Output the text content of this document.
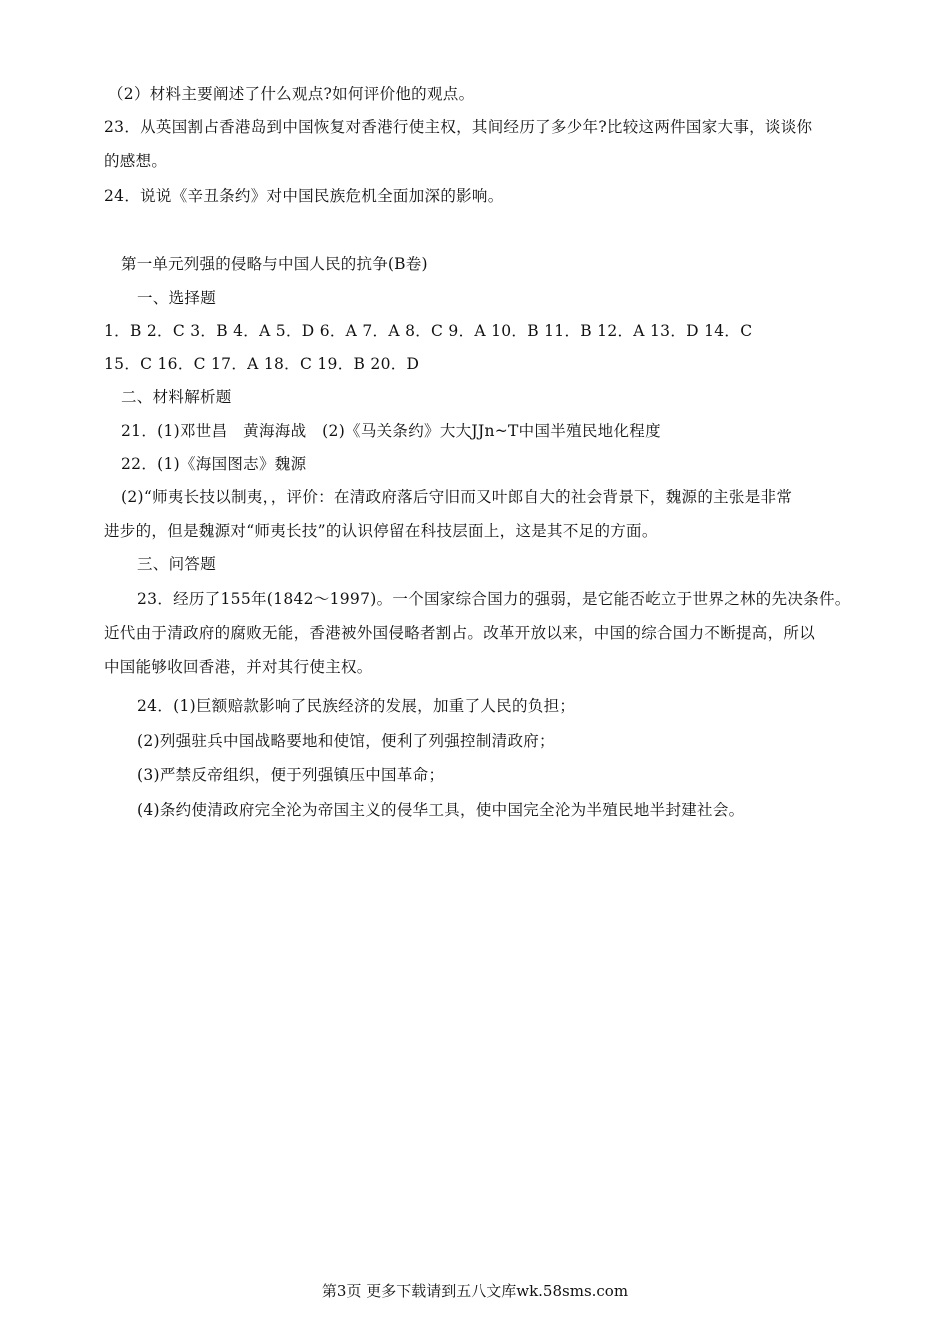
（2）材料主要阐述了什么观点?如何评价他的观点。
23．从英国割占香港岛到中国恢复对香港行使主权，其间经历了多少年?比较这两件国家大事，谈谈你
的感想。
24．说说《辛丑条约》对中国民族危机全面加深的影响。
第一单元列强的侵略与中国人民的抗争(B卷)
一、选择题
1．B 2．C 3．B 4．A 5．D 6．A 7．A 8．C 9．A 10．B 11．B 12．A 13．D 14．C
15．C 16．C 17．A 18．C 19．B 20．D
二、材料解析题
21．(1)邓世昌　黄海海战　(2)《马关条约》大大JJn~T中国半殖民地化程度
22．(1)《海国图志》魏源
(2)“师夷长技以制夷，，评价：在清政府落后守旧而又叶郎自大的社会背景下，魏源的主张是非常
进步的，但是魏源对“师夷长技”的认识停留在科技层面上，这是其不足的方面。
三、问答题
23．经历了155年(1842～1997)。一个国家综合国力的强弱，是它能否屹立于世界之林的先决条件。
近代由于清政府的腐败无能，香港被外国侵略者割占。改革开放以来，中国的综合国力不断提高，所以
中国能够收回香港，并对其行使主权。
24．(1)巨额赔款影响了民族经济的发展，加重了人民的负担；
(2)列强驻兵中国战略要地和使馆，便利了列强控制清政府；
(3)严禁反帝组织，便于列强镇压中国革命；
(4)条约使清政府完全沦为帝国主义的侵华工具，使中国完全沦为半殖民地半封建社会。
第3页 更多下载请到五八文库wk.58sms.com
